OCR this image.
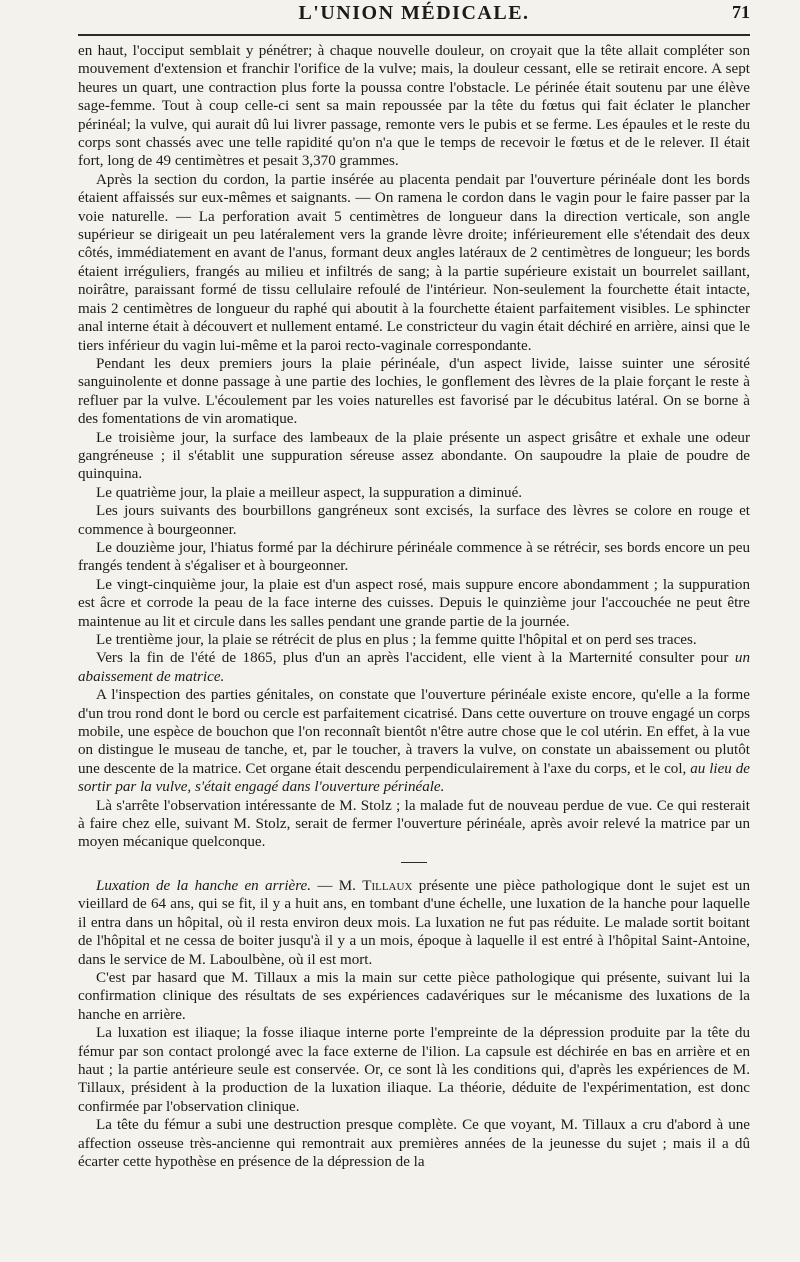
L'UNION MÉDICALE.	71

en haut, l'occiput semblait y pénétrer; à chaque nouvelle douleur, on croyait que la tête allait compléter son mouvement d'extension et franchir l'orifice de la vulve; mais, la douleur cessant, elle se retirait encore. A sept heures un quart, une contraction plus forte la poussa contre l'obstacle. Le périnée était soutenu par une élève sage-femme. Tout à coup celle-ci sent sa main repoussée par la tête du fœtus qui fait éclater le plancher périnéal; la vulve, qui aurait dû lui livrer passage, remonte vers le pubis et se ferme. Les épaules et le reste du corps sont chassés avec une telle rapidité qu'on n'a que le temps de recevoir le fœtus et de le relever. Il était fort, long de 49 centimètres et pesait 3,370 grammes.

Après la section du cordon, la partie insérée au placenta pendait par l'ouverture périnéale dont les bords étaient affaissés sur eux-mêmes et saignants. — On ramena le cordon dans le vagin pour le faire passer par la voie naturelle. — La perforation avait 5 centimètres de longueur dans la direction verticale, son angle supérieur se dirigeait un peu latéralement vers la grande lèvre droite; inférieurement elle s'étendait des deux côtés, immédiatement en avant de l'anus, formant deux angles latéraux de 2 centimètres de longueur; les bords étaient irréguliers, frangés au milieu et infiltrés de sang; à la partie supérieure existait un bourrelet saillant, noirâtre, paraissant formé de tissu cellulaire refoulé de l'intérieur. Non-seulement la fourchette était intacte, mais 2 centimètres de longueur du raphé qui aboutit à la fourchette étaient parfaitement visibles. Le sphincter anal interne était à découvert et nullement entamé. Le constricteur du vagin était déchiré en arrière, ainsi que le tiers inférieur du vagin lui-même et la paroi recto-vaginale correspondante.

Pendant les deux premiers jours la plaie périnéale, d'un aspect livide, laisse suinter une sérosité sanguinolente et donne passage à une partie des lochies, le gonflement des lèvres de la plaie forçant le reste à refluer par la vulve. L'écoulement par les voies naturelles est favorisé par le décubitus latéral. On se borne à des fomentations de vin aromatique.

Le troisième jour, la surface des lambeaux de la plaie présente un aspect grisâtre et exhale une odeur gangréneuse ; il s'établit une suppuration séreuse assez abondante. On saupoudre la plaie de poudre de quinquina.

Le quatrième jour, la plaie a meilleur aspect, la suppuration a diminué.

Les jours suivants des bourbillons gangréneux sont excisés, la surface des lèvres se colore en rouge et commence à bourgeonner.

Le douzième jour, l'hiatus formé par la déchirure périnéale commence à se rétrécir, ses bords encore un peu frangés tendent à s'égaliser et à bourgeonner.

Le vingt-cinquième jour, la plaie est d'un aspect rosé, mais suppure encore abondamment ; la suppuration est âcre et corrode la peau de la face interne des cuisses. Depuis le quinzième jour l'accouchée ne peut être maintenue au lit et circule dans les salles pendant une grande partie de la journée.

Le trentième jour, la plaie se rétrécit de plus en plus ; la femme quitte l'hôpital et on perd ses traces.

Vers la fin de l'été de 1865, plus d'un an après l'accident, elle vient à la Marternité consulter pour un abaissement de matrice.

A l'inspection des parties génitales, on constate que l'ouverture périnéale existe encore, qu'elle a la forme d'un trou rond dont le bord ou cercle est parfaitement cicatrisé. Dans cette ouverture on trouve engagé un corps mobile, une espèce de bouchon que l'on reconnaît bientôt n'être autre chose que le col utérin. En effet, à la vue on distingue le museau de tanche, et, par le toucher, à travers la vulve, on constate un abaissement ou plutôt une descente de la matrice. Cet organe était descendu perpendiculairement à l'axe du corps, et le col, au lieu de sortir par la vulve, s'était engagé dans l'ouverture périnéale.

Là s'arrête l'observation intéressante de M. Stolz ; la malade fut de nouveau perdue de vue. Ce qui resterait à faire chez elle, suivant M. Stolz, serait de fermer l'ouverture périnéale, après avoir relevé la matrice par un moyen mécanique quelconque.

Luxation de la hanche en arrière. — M. Tillaux présente une pièce pathologique dont le sujet est un vieillard de 64 ans, qui se fit, il y a huit ans, en tombant d'une échelle, une luxation de la hanche pour laquelle il entra dans un hôpital, où il resta environ deux mois. La luxation ne fut pas réduite. Le malade sortit boitant de l'hôpital et ne cessa de boiter jusqu'à il y a un mois, époque à laquelle il est entré à l'hôpital Saint-Antoine, dans le service de M. Laboulbène, où il est mort.

C'est par hasard que M. Tillaux a mis la main sur cette pièce pathologique qui présente, suivant lui la confirmation clinique des résultats de ses expériences cadavériques sur le mécanisme des luxations de la hanche en arrière.

La luxation est iliaque; la fosse iliaque interne porte l'empreinte de la dépression produite par la tête du fémur par son contact prolongé avec la face externe de l'ilion. La capsule est déchirée en bas en arrière et en haut ; la partie antérieure seule est conservée. Or, ce sont là les conditions qui, d'après les expériences de M. Tillaux, président à la production de la luxation iliaque. La théorie, déduite de l'expérimentation, est donc confirmée par l'observation clinique.

La tête du fémur a subi une destruction presque complète. Ce que voyant, M. Tillaux a cru d'abord à une affection osseuse très-ancienne qui remontrait aux premières années de la jeunesse du sujet ; mais il a dû écarter cette hypothèse en présence de la dépression de la
